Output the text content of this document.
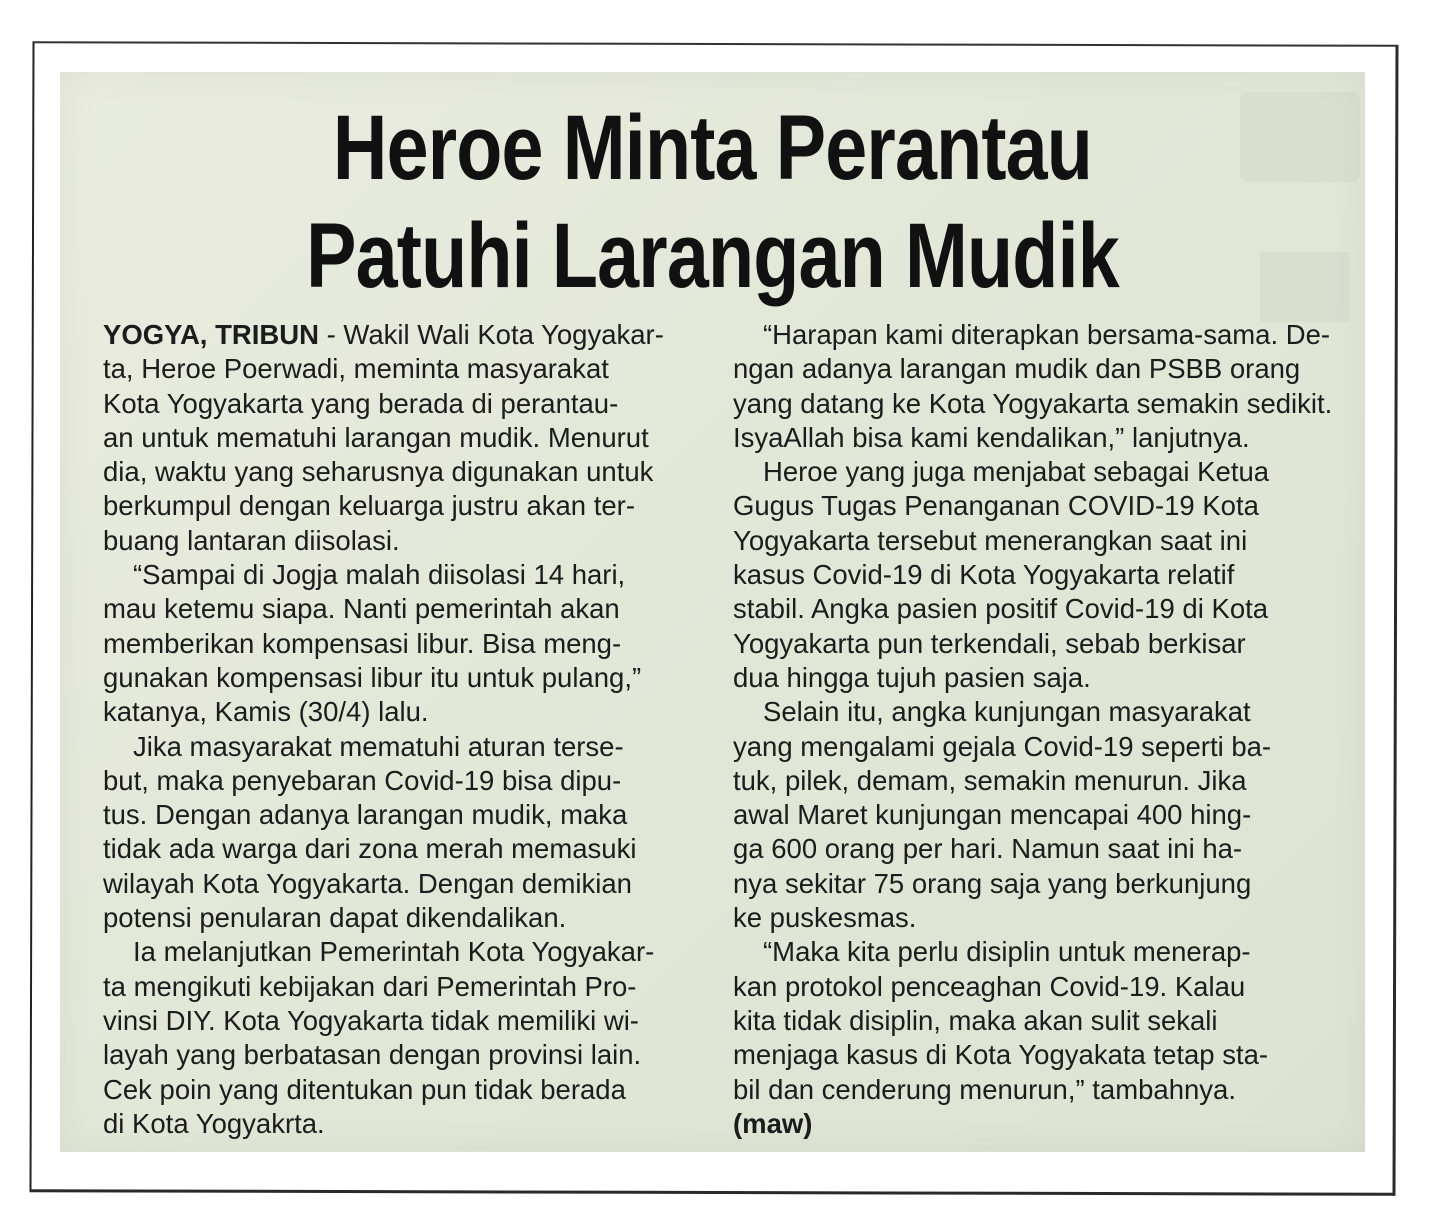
Heroe Minta Perantau
Patuhi Larangan Mudik
YOGYA, TRIBUN - Wakil Wali Kota Yogyakar-
ta, Heroe Poerwadi, meminta masyarakat
Kota Yogyakarta yang berada di perantau-
an untuk mematuhi larangan mudik. Menurut
dia, waktu yang seharusnya digunakan untuk
berkumpul dengan keluarga justru akan ter-
buang lantaran diisolasi.
“Sampai di Jogja malah diisolasi 14 hari,
mau ketemu siapa. Nanti pemerintah akan
memberikan kompensasi libur. Bisa meng-
gunakan kompensasi libur itu untuk pulang,”
katanya, Kamis (30/4) lalu.
Jika masyarakat mematuhi aturan terse-
but, maka penyebaran Covid-19 bisa dipu-
tus. Dengan adanya larangan mudik, maka
tidak ada warga dari zona merah memasuki
wilayah Kota Yogyakarta. Dengan demikian
potensi penularan dapat dikendalikan.
Ia melanjutkan Pemerintah Kota Yogyakar-
ta mengikuti kebijakan dari Pemerintah Pro-
vinsi DIY. Kota Yogyakarta tidak memiliki wi-
layah yang berbatasan dengan provinsi lain.
Cek poin yang ditentukan pun tidak berada
di Kota Yogyakrta.
“Harapan kami diterapkan bersama-sama. De-
ngan adanya larangan mudik dan PSBB orang
yang datang ke Kota Yogyakarta semakin sedikit.
IsyaAllah bisa kami kendalikan,” lanjutnya.
Heroe yang juga menjabat sebagai Ketua
Gugus Tugas Penanganan COVID-19 Kota
Yogyakarta tersebut menerangkan saat ini
kasus Covid-19 di Kota Yogyakarta relatif
stabil. Angka pasien positif Covid-19 di Kota
Yogyakarta pun terkendali, sebab berkisar
dua hingga tujuh pasien saja.
Selain itu, angka kunjungan masyarakat
yang mengalami gejala Covid-19 seperti ba-
tuk, pilek, demam, semakin menurun. Jika
awal Maret kunjungan mencapai 400 hing-
ga 600 orang per hari. Namun saat ini ha-
nya sekitar 75 orang saja yang berkunjung
ke puskesmas.
“Maka kita perlu disiplin untuk menerap-
kan protokol penceaghan Covid-19. Kalau
kita tidak disiplin, maka akan sulit sekali
menjaga kasus di Kota Yogyakata tetap sta-
bil dan cenderung menurun,” tambahnya.
(maw)
